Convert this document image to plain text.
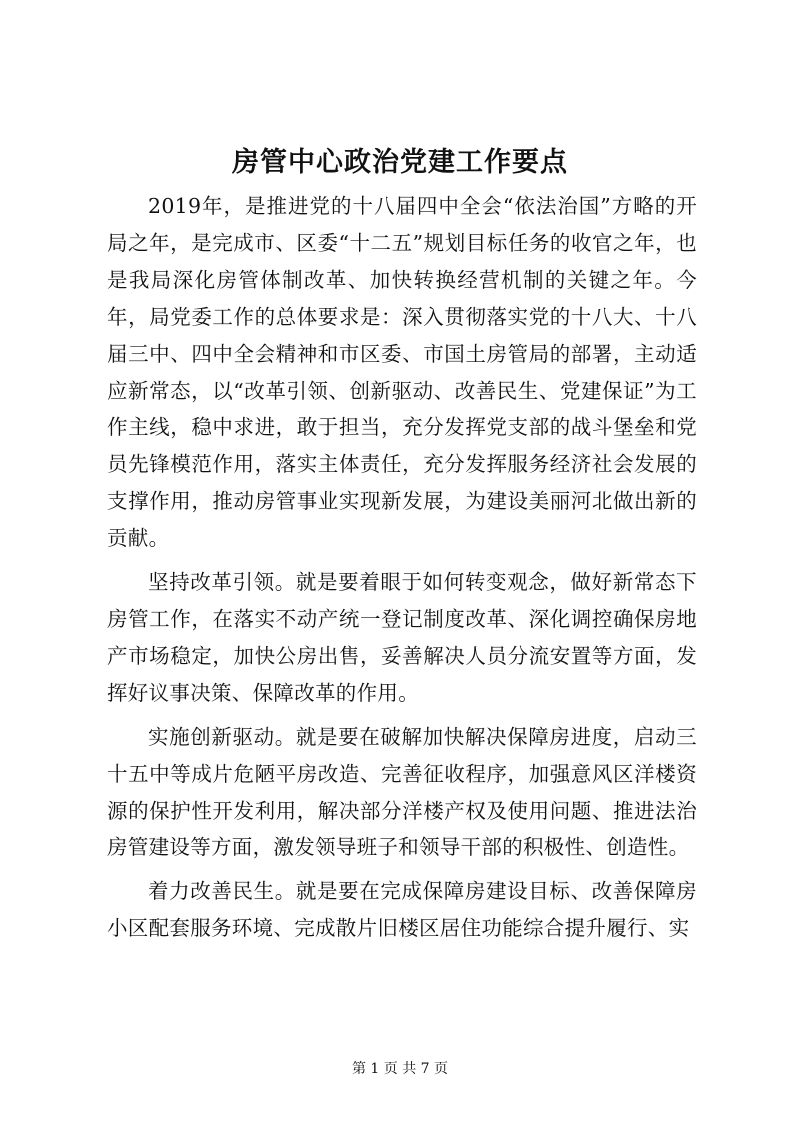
房管中心政治党建工作要点

2019年，是推进党的十八届四中全会“依法治国”方略的开局之年，是完成市、区委“十二五”规划目标任务的收官之年，也是我局深化房管体制改革、加快转换经营机制的关键之年。今年，局党委工作的总体要求是：深入贯彻落实党的十八大、十八届三中、四中全会精神和市区委、市国土房管局的部署，主动适应新常态，以“改革引领、创新驱动、改善民生、党建保证”为工作主线，稳中求进，敢于担当，充分发挥党支部的战斗堡垒和党员先锋模范作用，落实主体责任，充分发挥服务经济社会发展的支撑作用，推动房管事业实现新发展，为建设美丽河北做出新的贡献。

坚持改革引领。就是要着眼于如何转变观念，做好新常态下房管工作，在落实不动产统一登记制度改革、深化调控确保房地产市场稳定，加快公房出售，妥善解决人员分流安置等方面，发挥好议事决策、保障改革的作用。

实施创新驱动。就是要在破解加快解决保障房进度，启动三十五中等成片危陋平房改造、完善征收程序，加强意风区洋楼资源的保护性开发利用，解决部分洋楼产权及使用问题、推进法治房管建设等方面，激发领导班子和领导干部的积极性、创造性。

着力改善民生。就是要在完成保障房建设目标、改善保障房小区配套服务环境、完成散片旧楼区居住功能综合提升履行、实

第 1 页 共 7 页
